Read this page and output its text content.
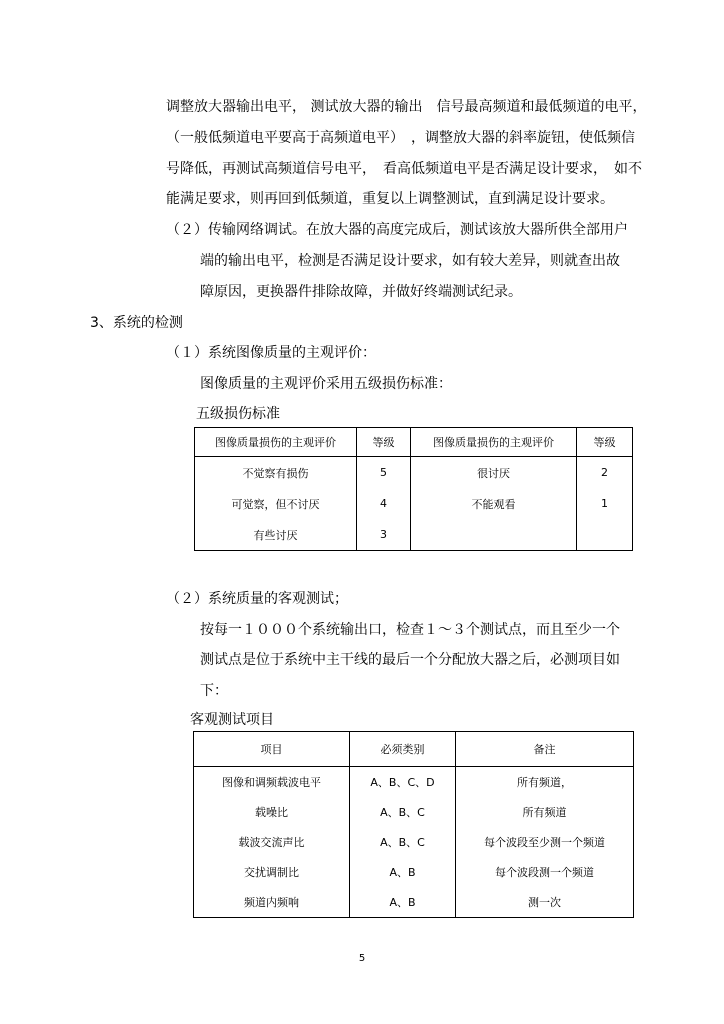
调整放大器输出电平， 测试放大器的输出　信号最高频道和最低频道的电平，
（一般低频道电平要高于高频道电平）　，调整放大器的斜率旋钮，使低频信
号降低，再测试高频道信号电平，　看高低频道电平是否满足设计要求，　如不
能满足要求，则再回到低频道，重复以上调整测试，直到满足设计要求。
（２）传输网络调试。在放大器的高度完成后，测试该放大器所供全部用户
端的输出电平，检测是否满足设计要求，如有较大差异，则就查出故
障原因，更换器件排除故障，并做好终端测试纪录。
3、系统的检测
（１）系统图像质量的主观评价：
图像质量的主观评价采用五级损伤标准：
五级损伤标准
图像质量损伤的主观评价	等级	图像质量损伤的主观评价	等级
不觉察有损伤	5	很讨厌	2
可觉察，但不讨厌	4	不能观看	1
有些讨厌	3		
（２）系统质量的客观测试；
按每一１０００个系统输出口，检查１～３个测试点，而且至少一个
测试点是位于系统中主干线的最后一个分配放大器之后，必测项目如
下：
客观测试项目
项目	必须类别	备注
图像和调频载波电平	A、B、C、D	所有频道，
载噪比	A、B、C	所有频道
载波交流声比	A、B、C	每个波段至少测一个频道
交扰调制比	A、B	每个波段测一个频道
频道内频响	A、B	测一次
5
